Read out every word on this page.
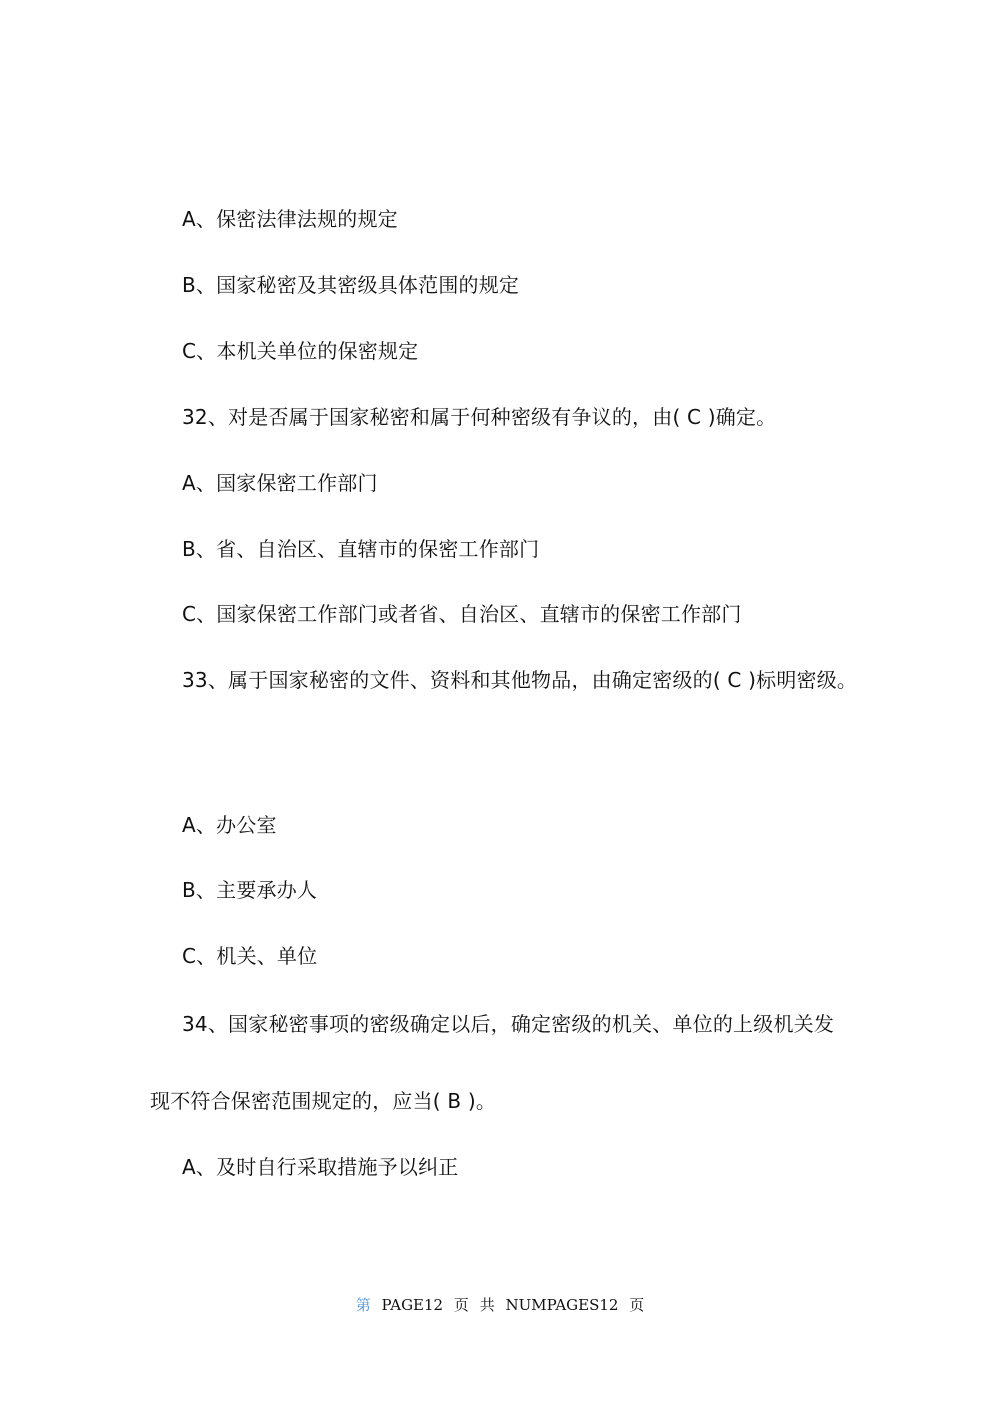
A、保密法律法规的规定
B、国家秘密及其密级具体范围的规定
C、本机关单位的保密规定
32、对是否属于国家秘密和属于何种密级有争议的，由( C )确定。
A、国家保密工作部门
B、省、自治区、直辖市的保密工作部门
C、国家保密工作部门或者省、自治区、直辖市的保密工作部门
33、属于国家秘密的文件、资料和其他物品，由确定密级的( C )标明密级。
A、办公室
B、主要承办人
C、机关、单位
34、国家秘密事项的密级确定以后，确定密级的机关、单位的上级机关发
现不符合保密范围规定的，应当( B )。
A、及时自行采取措施予以纠正
第 PAGE12 页 共 NUMPAGES12 页
